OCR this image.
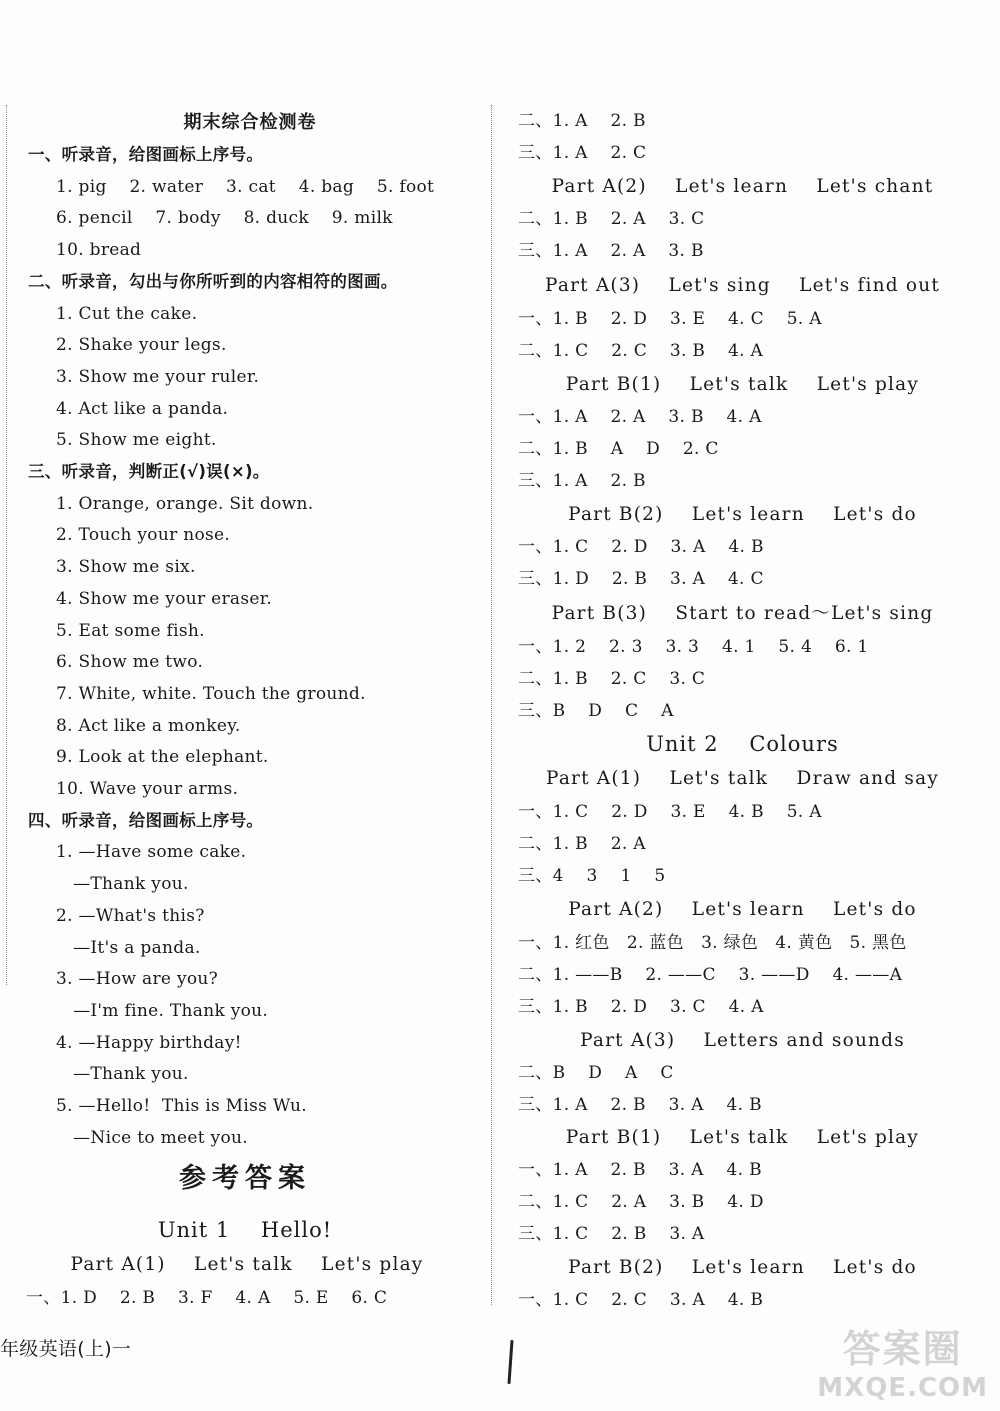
期末综合检测卷
一、听录音，给图画标上序号。
1. pig    2. water    3. cat    4. bag    5. foot
6. pencil    7. body    8. duck    9. milk
10. bread
二、听录音，勾出与你所听到的内容相符的图画。
1. Cut the cake.
2. Shake your legs.
3. Show me your ruler.
4. Act like a panda.
5. Show me eight.
三、听录音，判断正(√)误(×)。
1. Orange, orange. Sit down.
2. Touch your nose.
3. Show me six.
4. Show me your eraser.
5. Eat some fish.
6. Show me two.
7. White, white. Touch the ground.
8. Act like a monkey.
9. Look at the elephant.
10. Wave your arms.
四、听录音，给图画标上序号。
1. —Have some cake.
—Thank you.
2. —What's this?
—It's a panda.
3. —How are you?
—I'm fine. Thank you.
4. —Happy birthday!
—Thank you.
5. —Hello!  This is Miss Wu.
—Nice to meet you.
参考答案
Unit 1    Hello!
Part A(1)    Let's talk    Let's play
一、1. D    2. B    3. F    4. A    5. E    6. C
二、1. A    2. B
三、1. A    2. C
Part A(2)    Let's learn    Let's chant
二、1. B    2. A    3. C
三、1. A    2. A    3. B
Part A(3)    Let's sing    Let's find out
一、1. B    2. D    3. E    4. C    5. A
二、1. C    2. C    3. B    4. A
Part B(1)    Let's talk    Let's play
一、1. A    2. A    3. B    4. A
二、1. B    A    D    2. C
三、1. A    2. B
Part B(2)    Let's learn    Let's do
一、1. C    2. D    3. A    4. B
三、1. D    2. B    3. A    4. C
Part B(3)    Start to read～Let's sing
一、1. 2    2. 3    3. 3    4. 1    5. 4    6. 1
二、1. B    2. C    3. C
三、B    D    C    A
Unit 2    Colours
Part A(1)    Let's talk    Draw and say
一、1. C    2. D    3. E    4. B    5. A
二、1. B    2. A
三、4    3    1    5
Part A(2)    Let's learn    Let's do
一、1. 红色   2. 蓝色   3. 绿色   4. 黄色   5. 黑色
二、1. ——B    2. ——C    3. ——D    4. ——A
三、1. B    2. D    3. C    4. A
Part A(3)    Letters and sounds
二、B    D    A    C
三、1. A    2. B    3. A    4. B
Part B(1)    Let's talk    Let's play
一、1. A    2. B    3. A    4. B
二、1. C    2. A    3. B    4. D
三、1. C    2. B    3. A
Part B(2)    Let's learn    Let's do
一、1. C    2. C    3. A    4. B
年级英语(上)一	答案圈
MXQE.COM
